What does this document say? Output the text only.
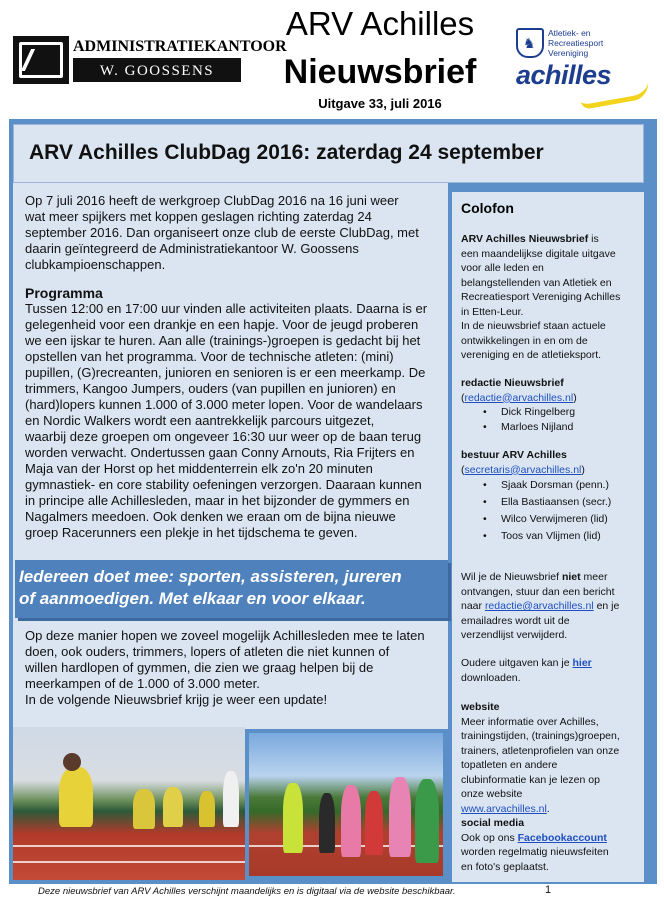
ADMINISTRATIEKANTOOR
W. GOOSSENS
ARV Achilles
Nieuwsbrief
Uitgave 33, juli 2016
♞
Atletiek- en
Recreatiesport
Vereniging
achilles
ARV Achilles ClubDag 2016: zaterdag 24 september
Op 7 juli 2016 heeft de werkgroep ClubDag 2016 na 16 juni weer
wat meer spijkers met koppen geslagen richting zaterdag 24
september 2016. Dan organiseert onze club de eerste ClubDag, met
daarin geïntegreerd de Administratiekantoor W. Goossens
clubkampioenschappen.
Programma
Tussen 12:00 en 17:00 uur vinden alle activiteiten plaats. Daarna is er
gelegenheid voor een drankje en een hapje. Voor de jeugd proberen
we een ijskar te huren. Aan alle (trainings-)groepen is gedacht bij het
opstellen van het programma. Voor de technische atleten: (mini)
pupillen, (G)recreanten, junioren en senioren is er een meerkamp. De
trimmers, Kangoo Jumpers, ouders (van pupillen en junioren) en
(hard)lopers kunnen 1.000 of 3.000 meter lopen. Voor de wandelaars
en Nordic Walkers wordt een aantrekkelijk parcours uitgezet,
waarbij deze groepen om ongeveer 16:30 uur weer op de baan terug
worden verwacht. Ondertussen gaan Conny Arnouts, Ria Frijters en
Maja van der Horst op het middenterrein elk zo'n 20 minuten
gymnastiek- en core stability oefeningen verzorgen. Daaraan kunnen
in principe alle Achillesleden, maar in het bijzonder de gymmers en
Nagalmers meedoen. Ook denken we eraan om de bijna nieuwe
groep Racerunners een plekje in het tijdschema te geven.
Iedereen doet mee: sporten, assisteren, jureren
of aanmoedigen. Met elkaar en voor elkaar.
Op deze manier hopen we zoveel mogelijk Achillesleden mee te laten
doen, ook ouders, trimmers, lopers of atleten die niet kunnen of
willen hardlopen of gymmen, die zien we graag helpen bij de
meerkampen of de 1.000 of 3.000 meter.
In de volgende Nieuwsbrief krijg je weer een update!
Colofon
ARV Achilles Nieuwsbrief is
een maandelijkse digitale uitgave
voor alle leden en
belangstellenden van Atletiek en
Recreatiesport Vereniging Achilles
in Etten-Leur.
In de nieuwsbrief staan actuele
ontwikkelingen in en om de
vereniging en de atletieksport.
redactie Nieuwsbrief
(redactie@arvachilles.nl)
• Dick Ringelberg
• Marloes Nijland
bestuur ARV Achilles
(secretaris@arvachilles.nl)
• Sjaak Dorsman (penn.)
• Ella Bastiaansen (secr.)
• Wilco Verwijmeren (lid)
• Toos van Vlijmen (lid)
Wil je de Nieuwsbrief niet meer
ontvangen, stuur dan een bericht
naar redactie@arvachilles.nl en je
emailadres wordt uit de
verzendlijst verwijderd.
Oudere uitgaven kan je hier
downloaden.
website
Meer informatie over Achilles,
trainingstijden, (trainings)groepen,
trainers, atletenprofielen van onze
topatleten en andere
clubinformatie kan je lezen op
onze website
www.arvachilles.nl.
social media
Ook op ons Facebookaccount
worden regelmatig nieuwsfeiten
en foto's geplaatst.
Deze nieuwsbrief van ARV Achilles verschijnt maandelijks en is digitaal via de website beschikbaar.	1
